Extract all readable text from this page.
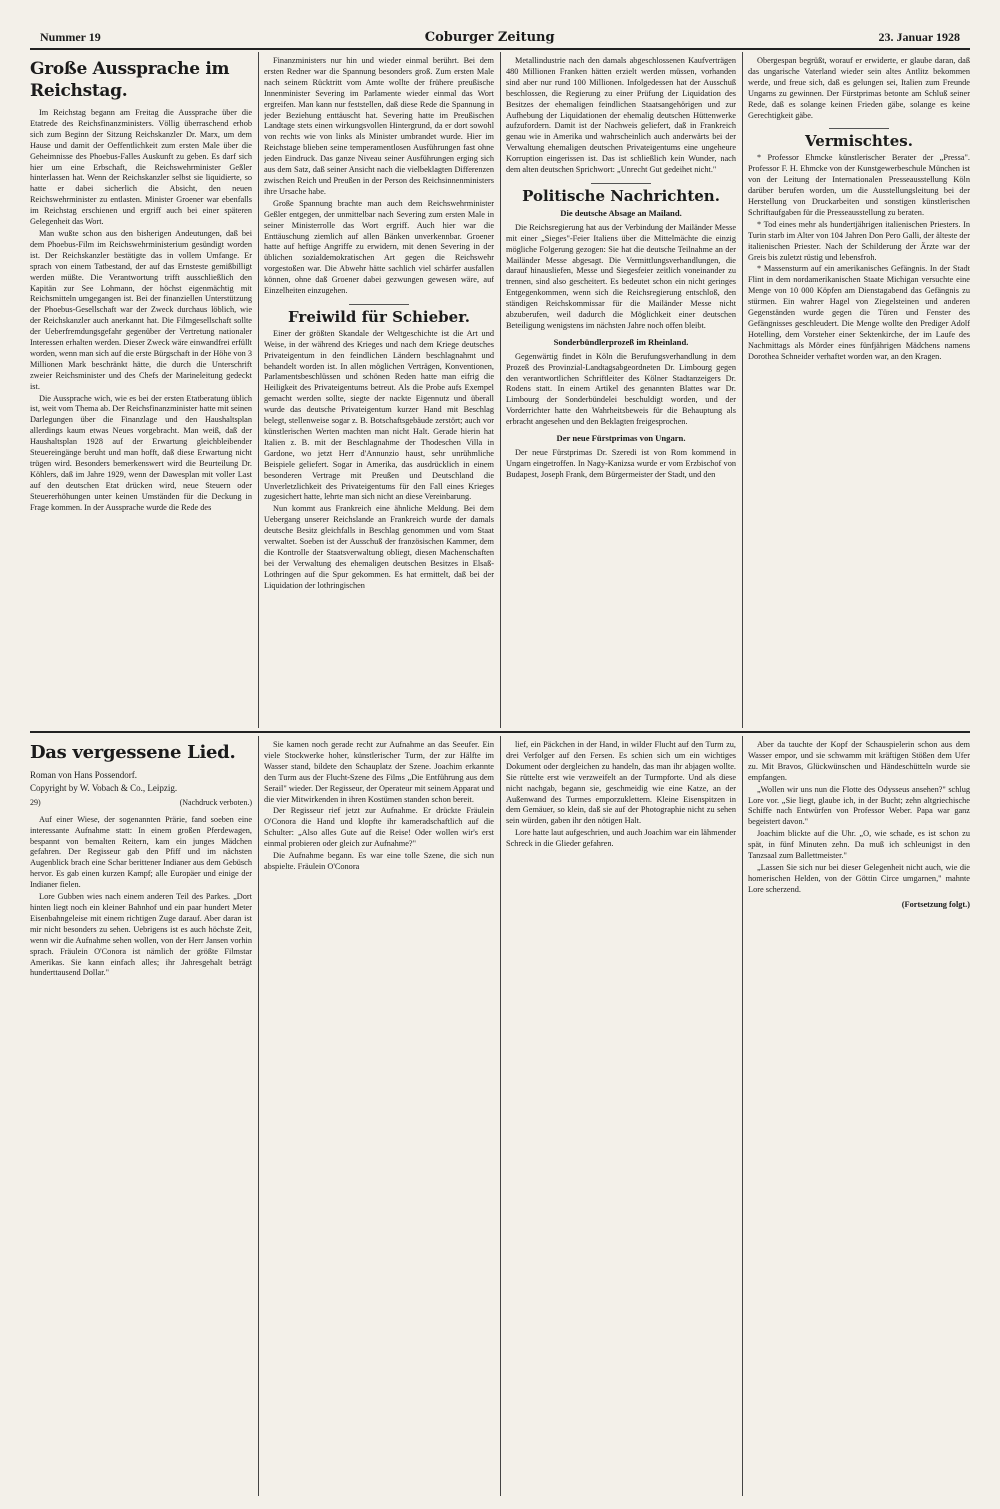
Nummer 19	Coburger Zeitung	23. Januar 1928
Große Aussprache im Reichstag.

Im Reichstag begann am Freitag die Aussprache über die Etatrede des Reichsfinanzministers. Völlig überraschend erhob sich zum Beginn der Sitzung Reichskanzler Dr. Marx, um dem Hause und damit der Oeffentlichkeit zum ersten Male über die Geheimnisse des Phoebus-Falles Auskunft zu geben. Es darf sich hier um eine Erbschaft, die Reichswehrminister Geßler hinterlassen hat. Wenn der Reichskanzler selbst sie liquidierte, so hatte er dabei sicherlich die Absicht, den neuen Reichswehrminister zu entlasten. Minister Groener war ebenfalls im Reichstag erschienen und ergriff auch bei einer späteren Gelegenheit das Wort.

Man wußte schon aus den bisherigen Andeutungen, daß bei dem Phoebus-Film im Reichswehrministerium gesündigt worden ist. Der Reichskanzler bestätigte das in vollem Umfange. Er sprach von einem Tatbestand, der auf das Ernsteste gemißbilligt werden müßte. Die Verantwortung trifft ausschließlich den Kapitän zur See Lohmann, der höchst eigenmächtig mit Reichsmitteln umgegangen ist. Bei der finanziellen Unterstützung der Phoebus-Gesellschaft war der Zweck durchaus löblich, wie der Reichskanzler auch anerkannt hat. Die Filmgesellschaft sollte der Ueberfremdungsgefahr gegenüber der Vertretung nationaler Interessen erhalten werden. Dieser Zweck wäre einwandfrei erfüllt worden, wenn man sich auf die erste Bürgschaft in der Höhe von 3 Millionen Mark beschränkt hätte, die durch die Unterschrift zweier Reichsminister und des Chefs der Marineleitung gedeckt ist.

Die Aussprache wich, wie es bei der ersten Etatberatung üblich ist, weit vom Thema ab. Der Reichsfinanzminister hatte mit seinen Darlegungen über die Finanzlage und den Haushaltsplan allerdings kaum etwas Neues vorgebracht. Man weiß, daß der Haushaltsplan 1928 auf der Erwartung gleichbleibender Steuereingänge beruht und man hofft, daß diese Erwartung nicht trügen wird. Besonders bemerkenswert wird die Beurteilung Dr. Köhlers, daß im Jahre 1929, wenn der Dawesplan mit voller Last auf den deutschen Etat drücken wird, neue Steuern oder Steuererhöhungen unter keinen Umständen für die Deckung in Frage kommen. In der Aussprache wurde die Rede des

Finanzministers nur hin und wieder einmal berührt. Bei dem ersten Redner war die Spannung besonders groß. Zum ersten Male nach seinem Rücktritt vom Amte wollte der frühere preußische Innenminister Severing im Parlamente wieder einmal das Wort ergreifen. Man kann nur feststellen, daß diese Rede die Spannung in jeder Beziehung enttäuscht hat. Severing hatte im Preußischen Landtage stets einen wirkungsvollen Hintergrund, da er dort sowohl von rechts wie von links als Minister umbrandet wurde. Hier im Reichstage blieben seine temperamentlosen Ausführungen fast ohne jeden Eindruck. Das ganze Niveau seiner Ausführungen erging sich aus dem Satz, daß seiner Ansicht nach die vielbeklagten Differenzen zwischen Reich und Preußen in der Person des Reichsinnenministers ihre Ursache habe.

Große Spannung brachte man auch dem Reichswehrminister Geßler entgegen, der unmittelbar nach Severing zum ersten Male in seiner Ministerrolle das Wort ergriff. Auch hier war die Enttäuschung ziemlich auf allen Bänken unverkennbar. Groener hatte auf heftige Angriffe zu erwidern, mit denen Severing in der üblichen sozialdemokratischen Art gegen die Reichswehr vorgestoßen war. Die Abwehr hätte sachlich viel schärfer ausfallen können, ohne daß Groener dabei gezwungen gewesen wäre, auf Einzelheiten einzugehen.

Freiwild für Schieber.

Einer der größten Skandale der Weltgeschichte ist die Art und Weise, in der während des Krieges und nach dem Kriege deutsches Privateigentum in den feindlichen Ländern beschlagnahmt und behandelt worden ist. In allen möglichen Verträgen, Konventionen, Parlamentsbeschlüssen und schönen Reden hatte man eifrig die Heiligkeit des Privateigentums betreut. Als die Probe aufs Exempel gemacht werden sollte, siegte der nackte Eigennutz und überall wurde das deutsche Privateigentum kurzer Hand mit Beschlag belegt, stellenweise sogar z. B. Botschaftsgebäude zerstört; auch vor künstlerischen Werten machten man nicht Halt. Gerade hierin hat Italien z. B. mit der Beschlagnahme der Thodeschen Villa in Gardone, wo jetzt Herr d'Annunzio haust, sehr unrühmliche Beispiele geliefert. Sogar in Amerika, das ausdrücklich in einem besonderen Vertrage mit Preußen und Deutschland die Unverletzlichkeit des Privateigentums für den Fall eines Krieges zugesichert hatte, lehrte man sich nicht an diese Vereinbarung.

Nun kommt aus Frankreich eine ähnliche Meldung. Bei dem Uebergang unserer Reichslande an Frankreich wurde der damals deutsche Besitz gleichfalls in Beschlag genommen und vom Staat verwaltet. Soeben ist der Ausschuß der französischen Kammer, dem die Kontrolle der Staatsverwaltung obliegt, diesen Machenschaften bei der Verwaltung des ehemaligen deutschen Besitzes in Elsaß-Lothringen auf die Spur gekommen. Es hat ermittelt, daß bei der Liquidation der lothringischen

Metallindustrie nach den damals abgeschlossenen Kaufverträgen 480 Millionen Franken hätten erzielt werden müssen, vorhanden sind aber nur rund 100 Millionen. Infolgedessen hat der Ausschuß beschlossen, die Regierung zu einer Prüfung der Liquidation des Besitzes der ehemaligen feindlichen Staatsangehörigen und zur Aufhebung der Liquidationen der ehemalig deutschen Hüttenwerke aufzufordern. Damit ist der Nachweis geliefert, daß in Frankreich genau wie in Amerika und wahrscheinlich auch anderwärts bei der Verwaltung ehemaligen deutschen Privateigentums eine ungeheure Korruption eingerissen ist. Das ist schließlich kein Wunder, nach dem alten deutschen Sprichwort: „Unrecht Gut gedeihet nicht."

Politische Nachrichten.
Die deutsche Absage an Mailand.

Die Reichsregierung hat aus der Verbindung der Mailänder Messe mit einer „Sieges"-Feier Italiens über die Mittelmächte die einzig mögliche Folgerung gezogen: Sie hat die deutsche Teilnahme an der Mailänder Messe abgesagt. Die Vermittlungsverhandlungen, die darauf hinausliefen, Messe und Siegesfeier zeitlich voneinander zu trennen, sind also gescheitert. Es bedeutet schon ein nicht geringes Entgegenkommen, wenn sich die Reichsregierung entschloß, den ständigen Reichskommissar für die Mailänder Messe nicht abzuberufen, weil dadurch die Möglichkeit einer deutschen Beteiligung wenigstens im nächsten Jahre noch offen bleibt.

Sonderbündlerprozeß im Rheinland.

Gegenwärtig findet in Köln die Berufungsverhandlung in dem Prozeß des Provinzial-Landtagsabgeordneten Dr. Limbourg gegen den verantwortlichen Schriftleiter des Kölner Stadtanzeigers Dr. Rodens statt. In einem Artikel des genannten Blattes war Dr. Limbourg der Sonderbündelei beschuldigt worden, und der Vorderrichter hatte den Wahrheitsbeweis für die Behauptung als erbracht angesehen und den Beklagten freigesprochen.

Der neue Fürstprimas von Ungarn.

Der neue Fürstprimas Dr. Szeredi ist von Rom kommend in Ungarn eingetroffen. In Nagy-Kanizsa wurde er vom Erzbischof von Budapest, Joseph Frank, dem Bürgermeister der Stadt, und den

Obergespan begrüßt, worauf er erwiderte, er glaube daran, daß das ungarische Vaterland wieder sein altes Antlitz bekommen werde, und freue sich, daß es gelungen sei, Italien zum Freunde Ungarns zu gewinnen. Der Fürstprimas betonte am Schluß seiner Rede, daß es solange keinen Frieden gäbe, solange es keine Gerechtigkeit gäbe.

Vermischtes.

* Professor Ehmcke künstlerischer Berater der „Pressa". Professor F. H. Ehmcke von der Kunstgewerbeschule München ist von der Leitung der Internationalen Presseausstellung Köln darüber berufen worden, um die Ausstellungsleitung bei der Herstellung von Druckarbeiten und sonstigen künstlerischen Schriftaufgaben für die Presseausstellung zu beraten.

* Tod eines mehr als hundertjährigen italienischen Priesters. In Turin starb im Alter von 104 Jahren Don Pero Galli, der älteste der italienischen Priester. Nach der Schilderung der Ärzte war der Greis bis zuletzt rüstig und lebensfroh.

* Massensturm auf ein amerikanisches Gefängnis. In der Stadt Flint in dem nordamerikanischen Staate Michigan versuchte eine Menge von 10 000 Köpfen am Dienstagabend das Gefängnis zu stürmen. Ein wahrer Hagel von Ziegelsteinen und anderen Gegenständen wurde gegen die Türen und Fenster des Gefängnisses geschleudert. Die Menge wollte den Prediger Adolf Hotelling, dem Vorsteher einer Sektenkirche, der im Laufe des Nachmittags als Mörder eines fünfjährigen Mädchens namens Dorothea Schneider verhaftet worden war, an den Kragen.

Das vergessene Lied.
Roman von Hans Possendorf.
Copyright by W. Vobach & Co., Leipzig.
29)	(Nachdruck verboten.)

Auf einer Wiese, der sogenannten Prärie, fand soeben eine interessante Aufnahme statt: In einem großen Pferdewagen, bespannt von bemalten Reitern, kam ein junges Mädchen gefahren. Der Regisseur gab den Pfiff und im nächsten Augenblick brach eine Schar berittener Indianer aus dem Gebüsch hervor. Es gab einen kurzen Kampf; alle Europäer und einige der Indianer fielen.

Lore Gubben wies nach einem anderen Teil des Parkes. „Dort hinten liegt noch ein kleiner Bahnhof und ein paar hundert Meter Eisenbahngeleise mit einem richtigen Zuge darauf. Aber daran ist mir nicht besonders zu sehen. Uebrigens ist es auch höchste Zeit, wenn wir die Aufnahme sehen wollen, von der Herr Jansen vorhin sprach. Fräulein O'Conora ist nämlich der größte Filmstar Amerikas. Sie kann einfach alles; ihr Jahresgehalt beträgt hunderttausend Dollar."

Sie kamen noch gerade recht zur Aufnahme an das Seeufer. Ein viele Stockwerke hoher, künstlerischer Turm, der zur Hälfte im Wasser stand, bildete den Schauplatz der Szene. Joachim erkannte den Turm aus der Flucht-Szene des Films „Die Entführung aus dem Serail" wieder. Der Regisseur, der Operateur mit seinem Apparat und die vier Mitwirkenden in ihren Kostümen standen schon bereit.

Der Regisseur rief jetzt zur Aufnahme. Er drückte Fräulein O'Conora die Hand und klopfte ihr kameradschaftlich auf die Schulter: „Also alles Gute auf die Reise! Oder wollen wir's erst einmal probieren oder gleich zur Aufnahme?"

Die Aufnahme begann. Es war eine tolle Szene, die sich nun abspielte. Fräulein O'Conora

lief, ein Päckchen in der Hand, in wilder Flucht auf den Turm zu, drei Verfolger auf den Fersen. Es schien sich um ein wichtiges Dokument oder dergleichen zu handeln, das man ihr abjagen wollte. Sie rüttelte erst wie verzweifelt an der Turmpforte. Und als diese nicht nachgab, begann sie, geschmeidig wie eine Katze, an der Außenwand des Turmes emporzuklettern. Kleine Eisenspitzen in dem Gemäuer, so klein, daß sie auf der Photographie nicht zu sehen sein würden, gaben ihr den nötigen Halt.

Lore hatte laut aufgeschrien, und auch Joachim war ein lähmender Schreck in die Glieder gefahren.

Aber da tauchte der Kopf der Schauspielerin schon aus dem Wasser empor, und sie schwamm mit kräftigen Stößen dem Ufer zu. Mit Bravos, Glückwünschen und Händeschütteln wurde sie empfangen.

„Wollen wir uns nun die Flotte des Odysseus ansehen?" schlug Lore vor. „Sie liegt, glaube ich, in der Bucht; zehn altgriechische Schiffe nach Entwürfen von Professor Weber. Papa war ganz begeistert davon."

Joachim blickte auf die Uhr. „O, wie schade, es ist schon zu spät, in fünf Minuten zehn. Da muß ich schleunigst in den Tanzsaal zum Ballettmeister."

„Lassen Sie sich nur bei dieser Gelegenheit nicht auch, wie die homerischen Helden, von der Göttin Circe umgarnen," mahnte Lore scherzend.

(Fortsetzung folgt.)
